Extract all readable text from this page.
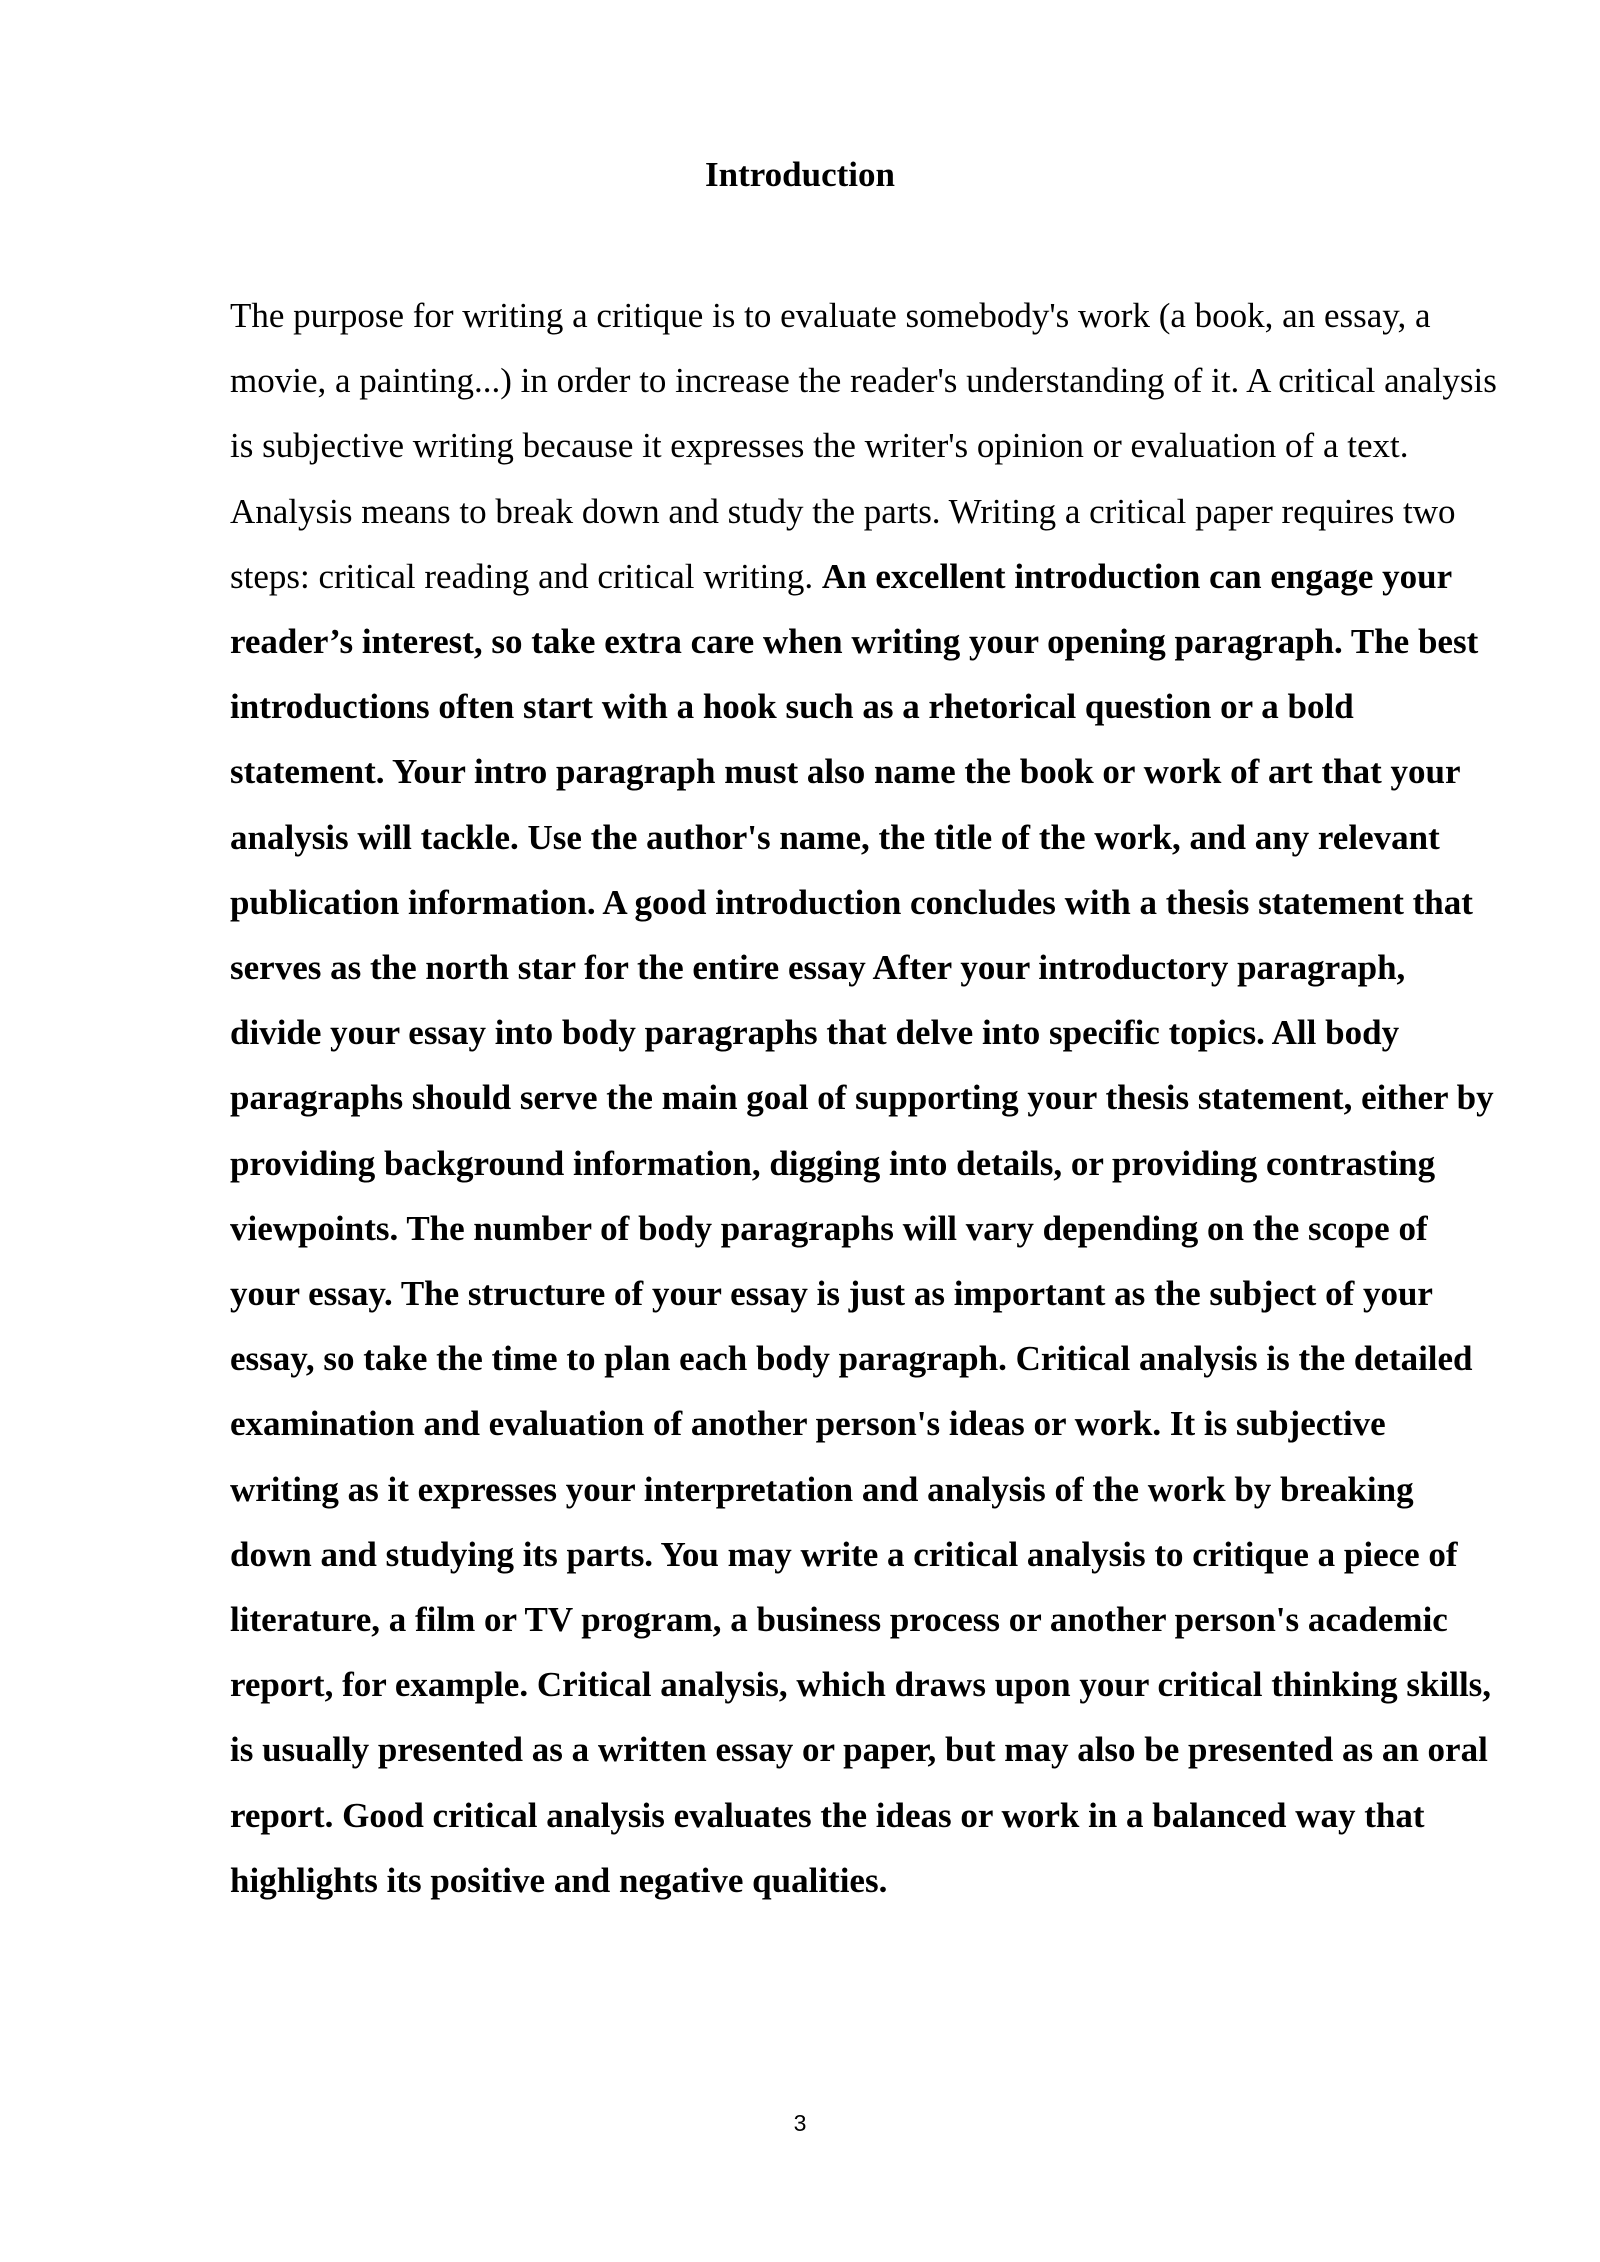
Introduction

The purpose for writing a critique is to evaluate somebody's work (a book, an essay, a movie, a painting...) in order to increase the reader's understanding of it. A critical analysis is subjective writing because it expresses the writer's opinion or evaluation of a text. Analysis means to break down and study the parts. Writing a critical paper requires two steps: critical reading and critical writing. An excellent introduction can engage your reader’s interest, so take extra care when writing your opening paragraph. The best introductions often start with a hook such as a rhetorical question or a bold statement. Your intro paragraph must also name the book or work of art that your analysis will tackle. Use the author's name, the title of the work, and any relevant publication information. A good introduction concludes with a thesis statement that serves as the north star for the entire essay After your introductory paragraph, divide your essay into body paragraphs that delve into specific topics. All body paragraphs should serve the main goal of supporting your thesis statement, either by providing background information, digging into details, or providing contrasting viewpoints. The number of body paragraphs will vary depending on the scope of your essay. The structure of your essay is just as important as the subject of your essay, so take the time to plan each body paragraph. Critical analysis is the detailed examination and evaluation of another person's ideas or work. It is subjective writing as it expresses your interpretation and analysis of the work by breaking down and studying its parts. You may write a critical analysis to critique a piece of literature, a film or TV program, a business process or another person's academic report, for example. Critical analysis, which draws upon your critical thinking skills, is usually presented as a written essay or paper, but may also be presented as an oral report. Good critical analysis evaluates the ideas or work in a balanced way that highlights its positive and negative qualities.

3
